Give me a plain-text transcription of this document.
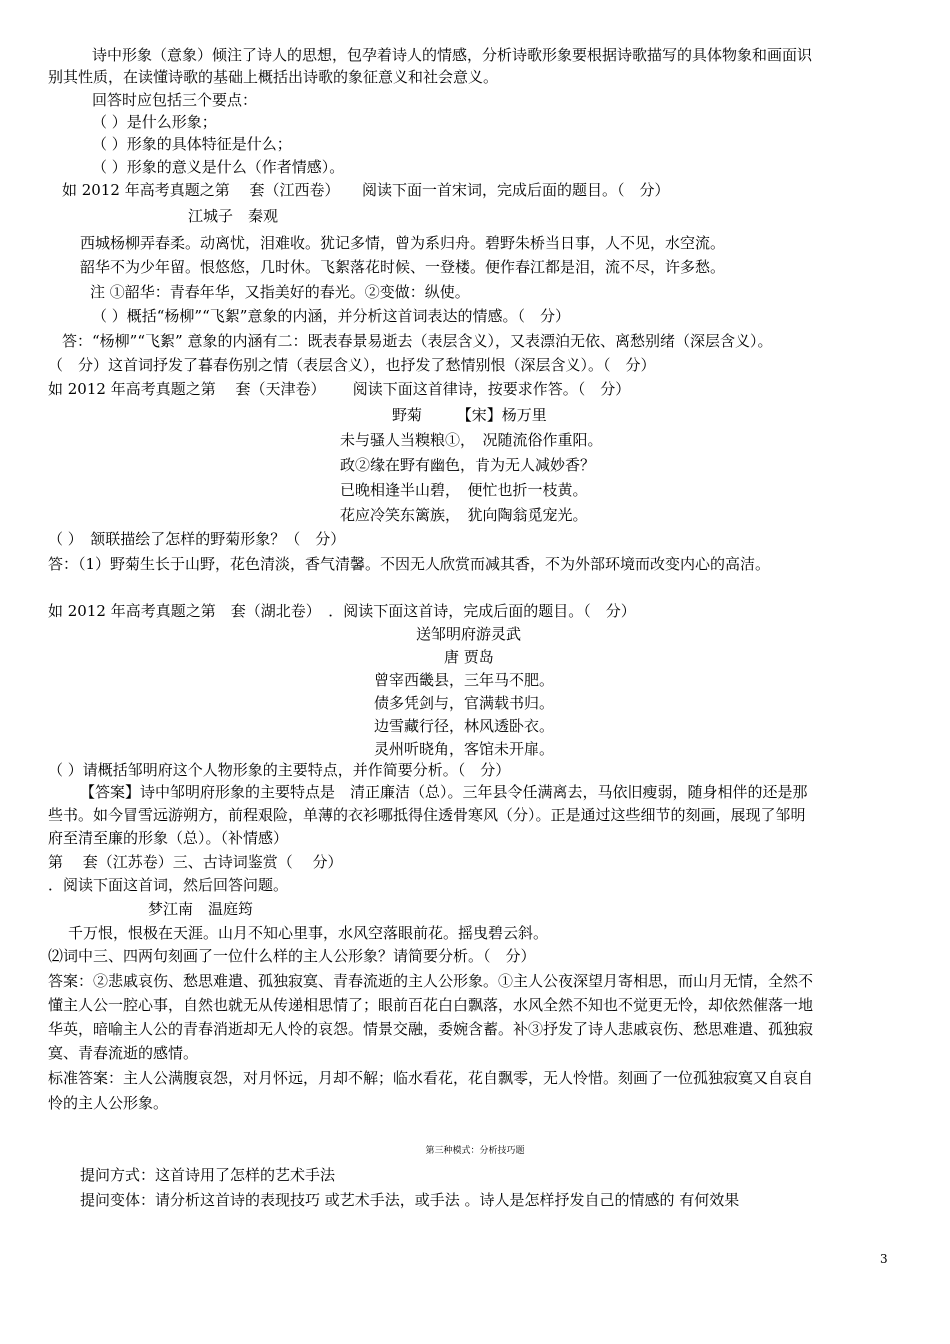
诗中形象（意象）倾注了诗人的思想，包孕着诗人的情感，分析诗歌形象要根据诗歌描写的具体物象和画面识
别其性质，在读懂诗歌的基础上概括出诗歌的象征意义和社会意义。
回答时应包括三个要点：
（ ）是什么形象；
（ ）形象的具体特征是什么；
（ ）形象的意义是什么（作者情感）。
如 2012 年高考真题之第　 套（江西卷）　　阅读下面一首宋词，完成后面的题目。（　分）
江城子　秦观
西城杨柳弄春柔。动离忧，泪难收。犹记多情，曾为系归舟。碧野朱桥当日事，人不见，水空流。
韶华不为少年留。恨悠悠，几时休。飞絮落花时候、一登楼。便作春江都是泪，流不尽，许多愁。
注 ①韶华：青春年华，又指美好的春光。②变做：纵使。
（ ）概括“杨柳”“飞絮”意象的内涵，并分析这首词表达的情感。（　分）
答：“杨柳”“飞絮” 意象的内涵有二：既表春景易逝去（表层含义），又表漂泊无依、离愁别绪（深层含义）。
（　分）这首词抒发了暮春伤别之情（表层含义），也抒发了愁情别恨（深层含义）。（　分）
如 2012 年高考真题之第　 套（天津卷）　　 阅读下面这首律诗，按要求作答。（　分）
野菊　　 【宋】杨万里
未与骚人当糗粮①，　况随流俗作重阳。
政②缘在野有幽色，肯为无人减妙香？
已晚相逢半山碧，　便忙也折一枝黄。
花应冷笑东篱族，　犹向陶翁觅宠光。
（ ）　颔联描绘了怎样的野菊形象？（　分）
答：（1）野菊生长于山野，花色清淡，香气清馨。不因无人欣赏而减其香，不为外部环境而改变内心的高洁。
如 2012 年高考真题之第　套（湖北卷）　．阅读下面这首诗，完成后面的题目。（　分）
送邹明府游灵武
唐 贾岛
曾宰西畿县，三年马不肥。
债多凭剑与，官满载书归。
边雪藏行径，林风透卧衣。
灵州听晓角，客馆未开扉。
（ ）请概括邹明府这个人物形象的主要特点，并作简要分析。（　分）
【答案】诗中邹明府形象的主要特点是　清正廉洁（总）。三年县令任满离去，马依旧瘦弱，随身相伴的还是那
些书。如今冒雪远游朔方，前程艰险，单薄的衣衫哪抵得住透骨寒风（分）。正是通过这些细节的刻画，展现了邹明
府至清至廉的形象（总）。（补情感）
第　 套（江苏卷）三、古诗词鉴赏（　 分）
．阅读下面这首词，然后回答问题。
梦江南　温庭筠
千万恨，恨极在天涯。山月不知心里事，水风空落眼前花。摇曳碧云斜。
⑵词中三、四两句刻画了一位什么样的主人公形象？请简要分析。（　分）
答案：②悲戚哀伤、愁思难遣、孤独寂寞、青春流逝的主人公形象。①主人公夜深望月寄相思，而山月无情，全然不
懂主人公一腔心事，自然也就无从传递相思情了；眼前百花白白飘落，水风全然不知也不觉更无怜，却依然催落一地
华英，暗喻主人公的青春消逝却无人怜的哀怨。情景交融，委婉含蓄。补③抒发了诗人悲戚哀伤、愁思难遣、孤独寂
寞、青春流逝的感情。
标准答案：主人公满腹哀怨，对月怀远，月却不解；临水看花，花自飘零，无人怜惜。刻画了一位孤独寂寞又自哀自
怜的主人公形象。
第三种模式：分析技巧题
提问方式：这首诗用了怎样的艺术手法
提问变体：请分析这首诗的表现技巧 或艺术手法，或手法 。诗人是怎样抒发自己的情感的 有何效果
3
